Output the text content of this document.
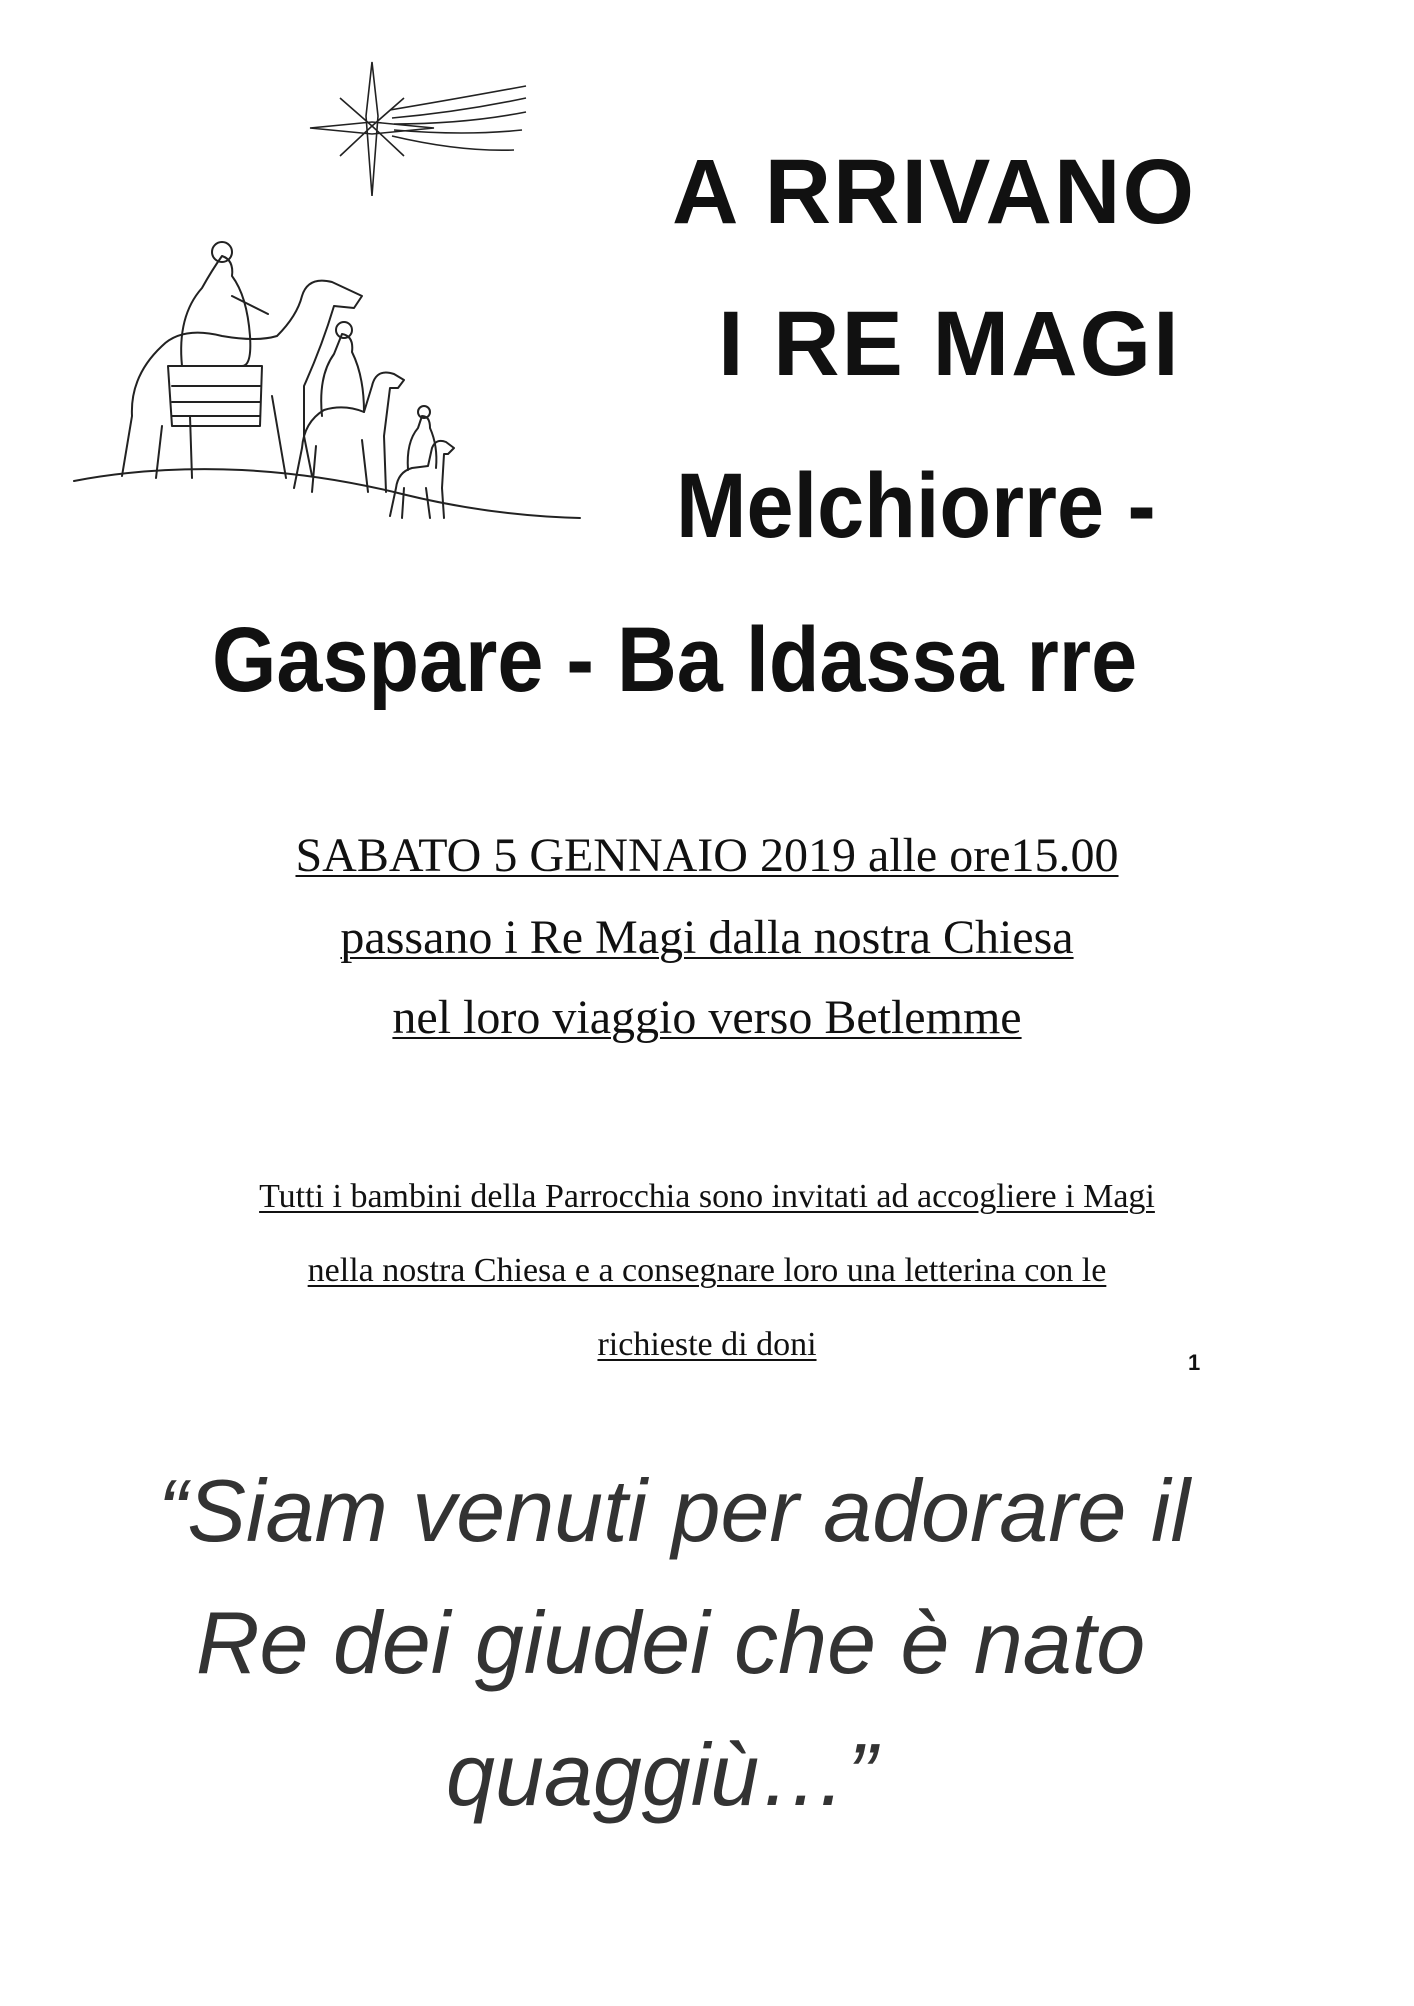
A RRIVANO
I RE MAGI
Melchiorre -
Gaspare - Ba ldassa rre
SABATO 5 GENNAIO 2019 alle ore15.00
passano i Re Magi dalla nostra Chiesa
nel loro viaggio verso Betlemme
Tutti i bambini della Parrocchia sono invitati ad accogliere i Magi
nella nostra Chiesa e a consegnare loro una letterina con le
richieste di doni	1
“Siam venuti per adorare il
Re dei giudei che è nato
quaggiù…”
